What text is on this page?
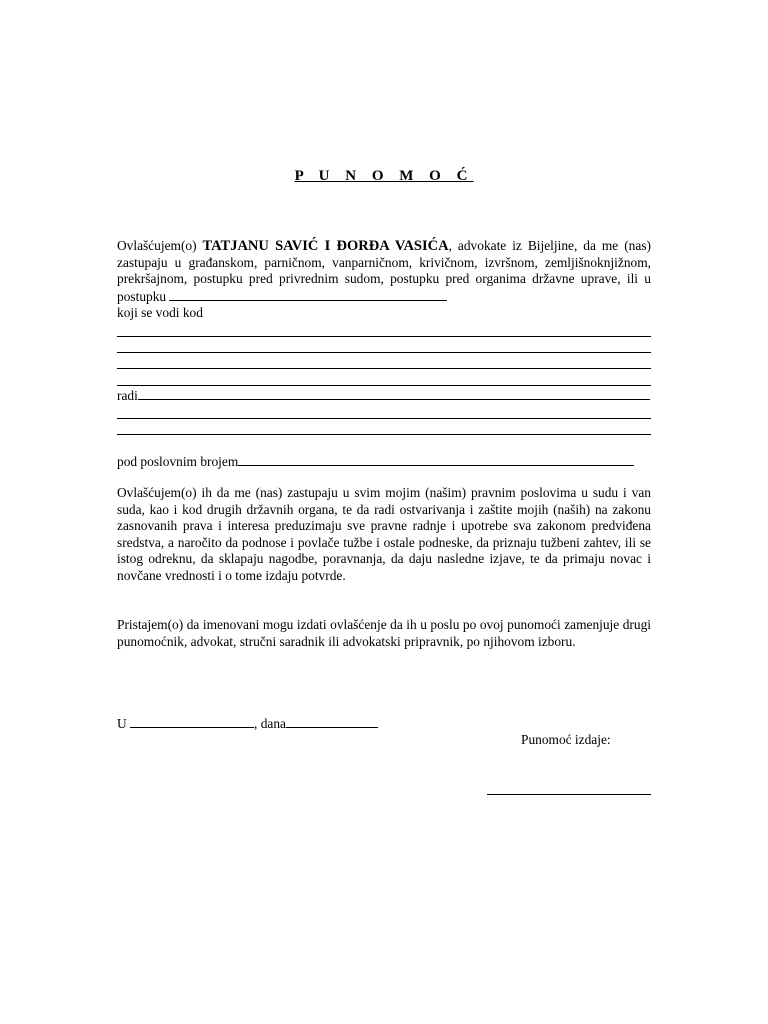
P U N O M O Ć
Ovlašćujem(o) TATJANU SAVIĆ I ĐORĐA VASIĆA, advokate iz Bijeljine, da me (nas) zastupaju u građanskom, parničnom, vanparničnom, krivičnom, izvršnom, zemljišnoknjižnom, prekršajnom, postupku pred privrednim sudom, postupku pred organima državne uprave, ili u postupku
koji se vodi kod
radi
pod poslovnim brojem
Ovlašćujem(o) ih da me (nas) zastupaju u svim mojim (našim) pravnim poslovima u sudu i van suda, kao i kod drugih državnih organa, te da radi ostvarivanja i zaštite mojih (naših) na zakonu zasnovanih prava i interesa preduzimaju sve pravne radnje i upotrebe sva zakonom predviđena sredstva, a naročito da podnose i povlače tužbe i ostale podneske, da priznaju tužbeni zahtev, ili se istog odreknu, da sklapaju nagodbe, poravnanja, da daju nasledne izjave, te da primaju novac i novčane vrednosti i o tome izdaju potvrde.
Pristajem(o) da imenovani mogu izdati ovlašćenje da ih u poslu po ovoj punomoći zamenjuje drugi punomoćnik, advokat, stručni saradnik ili advokatski pripravnik, po njihovom izboru.
U	, dana
Punomoć izdaje:
